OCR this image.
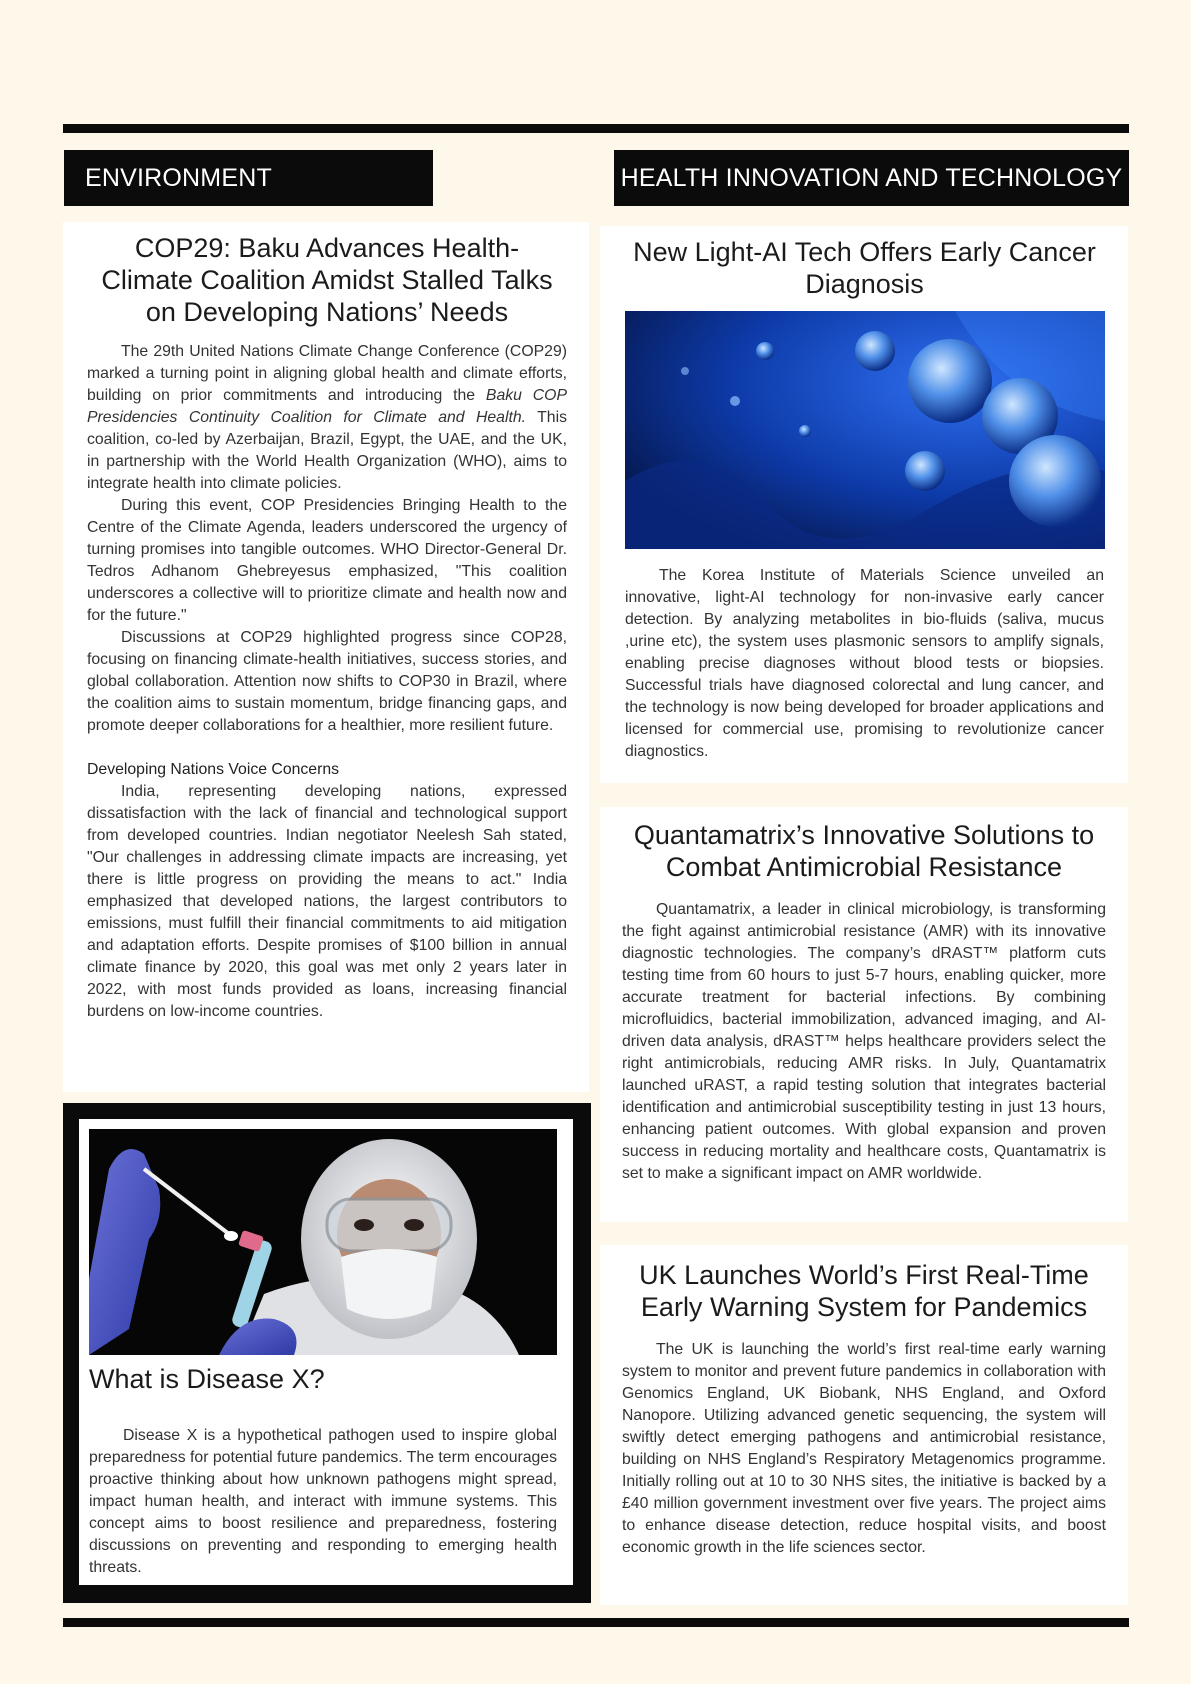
ENVIRONMENT	HEALTH INNOVATION AND TECHNOLOGY
COP29: Baku Advances Health-Climate Coalition Amidst Stalled Talks on Developing Nations’ Needs

The 29th United Nations Climate Change Conference (COP29) marked a turning point in aligning global health and climate efforts, building on prior commitments and introducing the Baku COP Presidencies Continuity Coalition for Climate and Health. This coalition, co-led by Azerbaijan, Brazil, Egypt, the UAE, and the UK, in partnership with the World Health Organization (WHO), aims to integrate health into climate policies.

During this event, COP Presidencies Bringing Health to the Centre of the Climate Agenda, leaders underscored the urgency of turning promises into tangible outcomes. WHO Director-General Dr. Tedros Adhanom Ghebreyesus emphasized, "This coalition underscores a collective will to prioritize climate and health now and for the future."

Discussions at COP29 highlighted progress since COP28, focusing on financing climate-health initiatives, success stories, and global collaboration. Attention now shifts to COP30 in Brazil, where the coalition aims to sustain momentum, bridge financing gaps, and promote deeper collaborations for a healthier, more resilient future.

Developing Nations Voice Concerns

India, representing developing nations, expressed dissatisfaction with the lack of financial and technological support from developed countries. Indian negotiator Neelesh Sah stated, "Our challenges in addressing climate impacts are increasing, yet there is little progress on providing the means to act." India emphasized that developed nations, the largest contributors to emissions, must fulfill their financial commitments to aid mitigation and adaptation efforts. Despite promises of $100 billion in annual climate finance by 2020, this goal was met only 2 years later in 2022, with most funds provided as loans, increasing financial burdens on low-income countries.

What is Disease X?

Disease X is a hypothetical pathogen used to inspire global preparedness for potential future pandemics. The term encourages proactive thinking about how unknown pathogens might spread, impact human health, and interact with immune systems. This concept aims to boost resilience and preparedness, fostering discussions on preventing and responding to emerging health threats.

New Light-AI Tech Offers Early Cancer Diagnosis

The Korea Institute of Materials Science unveiled an innovative, light-AI technology for non-invasive early cancer detection. By analyzing metabolites in bio-fluids (saliva, mucus ,urine etc), the system uses plasmonic sensors to amplify signals, enabling precise diagnoses without blood tests or biopsies. Successful trials have diagnosed colorectal and lung cancer, and the technology is now being developed for broader applications and licensed for commercial use, promising to revolutionize cancer diagnostics.

Quantamatrix’s Innovative Solutions to Combat Antimicrobial Resistance

Quantamatrix, a leader in clinical microbiology, is transforming the fight against antimicrobial resistance (AMR) with its innovative diagnostic technologies. The company’s dRAST™ platform cuts testing time from 60 hours to just 5-7 hours, enabling quicker, more accurate treatment for bacterial infections. By combining microfluidics, bacterial immobilization, advanced imaging, and AI-driven data analysis, dRAST™ helps healthcare providers select the right antimicrobials, reducing AMR risks. In July, Quantamatrix launched uRAST, a rapid testing solution that integrates bacterial identification and antimicrobial susceptibility testing in just 13 hours, enhancing patient outcomes. With global expansion and proven success in reducing mortality and healthcare costs, Quantamatrix is set to make a significant impact on AMR worldwide.

UK Launches World’s First Real-Time Early Warning System for Pandemics

The UK is launching the world’s first real-time early warning system to monitor and prevent future pandemics in collaboration with Genomics England, UK Biobank, NHS England, and Oxford Nanopore. Utilizing advanced genetic sequencing, the system will swiftly detect emerging pathogens and antimicrobial resistance, building on NHS England’s Respiratory Metagenomics programme. Initially rolling out at 10 to 30 NHS sites, the initiative is backed by a £40 million government investment over five years. The project aims to enhance disease detection, reduce hospital visits, and boost economic growth in the life sciences sector.
